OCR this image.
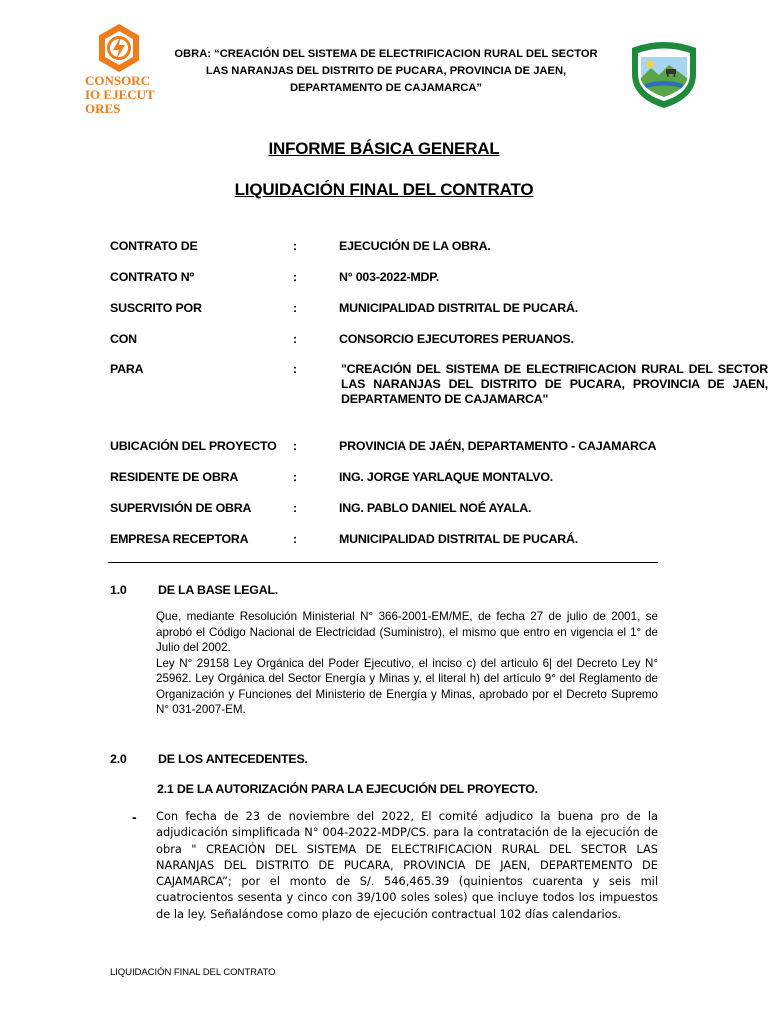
CONSORCIO EJECUTORES
OBRA: “CREACIÓN DEL SISTEMA DE ELECTRIFICACION RURAL DEL SECTOR LAS NARANJAS DEL DISTRITO DE PUCARA, PROVINCIA DE JAEN, DEPARTAMENTO DE CAJAMARCA”
INFORME BÁSICA GENERAL
LIQUIDACIÓN FINAL DEL CONTRATO
CONTRATO DE	:	EJECUCIÓN DE LA OBRA.
CONTRATO Nº	:	N° 003-2022-MDP.
SUSCRITO POR	:	MUNICIPALIDAD DISTRITAL DE PUCARÁ.
CON	:	CONSORCIO EJECUTORES PERUANOS.
PARA	:	"CREACIÓN DEL SISTEMA DE ELECTRIFICACION RURAL DEL SECTOR LAS NARANJAS DEL DISTRITO DE PUCARA, PROVINCIA DE JAEN, DEPARTAMENTO DE CAJAMARCA"
UBICACIÓN DEL PROYECTO :	PROVINCIA DE JAÉN, DEPARTAMENTO - CAJAMARCA
RESIDENTE DE OBRA	:	ING. JORGE YARLAQUE MONTALVO.
SUPERVISIÓN DE OBRA	:	ING. PABLO DANIEL NOÉ AYALA.
EMPRESA RECEPTORA	:	MUNICIPALIDAD DISTRITAL DE PUCARÁ.
1.0	DE LA BASE LEGAL.

Que, mediante Resolución Ministerial N° 366-2001-EM/ME, de fecha 27 de julio de 2001, se aprobó el Código Nacional de Electricidad (Suministro), el mismo que entro en vigencia el 1° de Julio del 2002.

Ley N° 29158 Ley Orgánica del Poder Ejecutivo, el inciso c) del articulo 6| del Decreto Ley N° 25962. Ley Orgánica del Sector Energía y Minas y, el literal h) del artículo 9° del Reglamento de Organización y Funciones del Ministerio de Energía y Minas, aprobado por el Decreto Supremo N° 031-2007-EM.

2.0	DE LOS ANTECEDENTES.
2.1 DE LA AUTORIZACIÓN PARA LA EJECUCIÓN DEL PROYECTO.
- Con fecha de 23 de noviembre del 2022, El comité adjudico la buena pro de la adjudicación simplificada N° 004-2022-MDP/CS. para la contratación de la ejecución de obra " CREACIÓN DEL SISTEMA DE ELECTRIFICACION RURAL DEL SECTOR LAS NARANJAS DEL DISTRITO DE PUCARA, PROVINCIA DE JAEN, DEPARTEMENTO DE CAJAMARCA”; por el monto de S/. 546,465.39 (quinientos cuarenta y seis mil cuatrocientos sesenta y cinco con 39/100 soles soles) que incluye todos los impuestos de la ley. Señalándose como plazo de ejecución contractual 102 días calendarios.
LIQUIDACIÓN FINAL DEL CONTRATO
